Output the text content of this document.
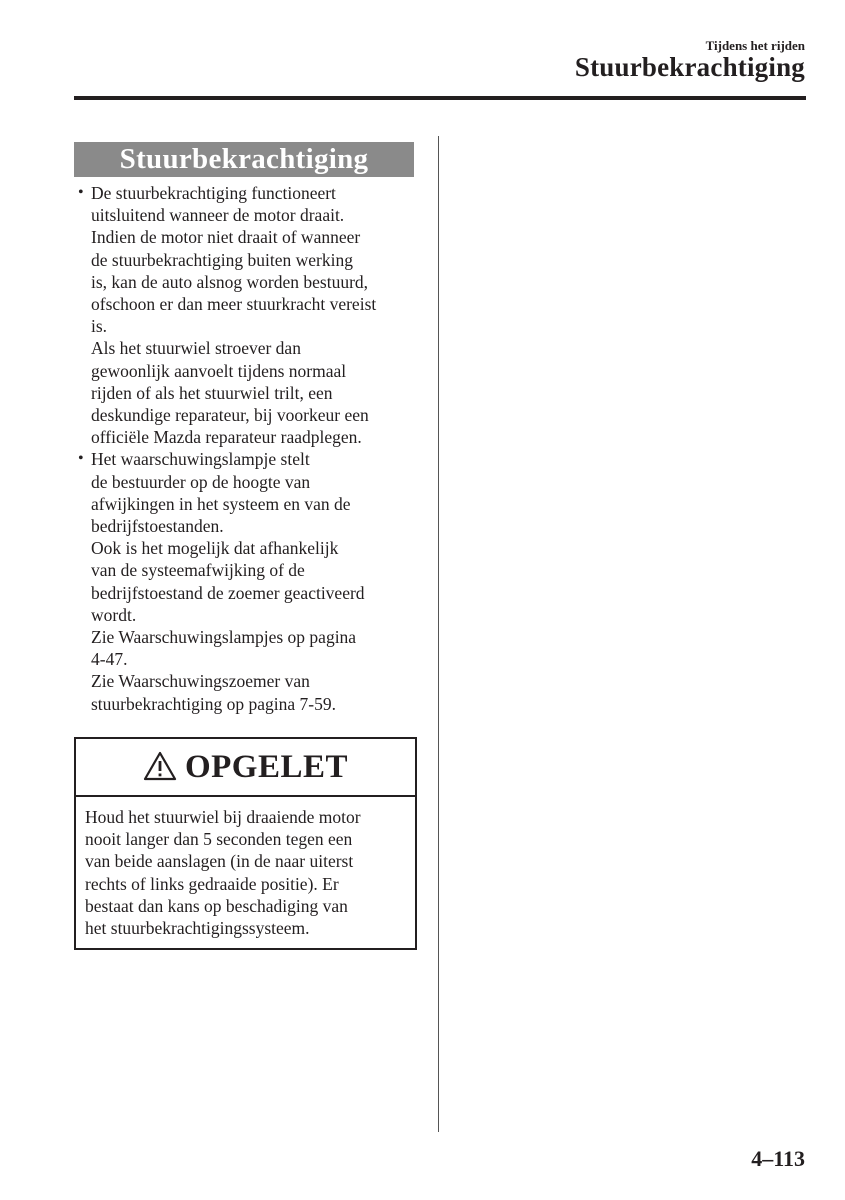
Tijdens het rijden
Stuurbekrachtiging
Stuurbekrachtiging
• De stuurbekrachtiging functioneert
uitsluitend wanneer de motor draait.
Indien de motor niet draait of wanneer
de stuurbekrachtiging buiten werking
is, kan de auto alsnog worden bestuurd,
ofschoon er dan meer stuurkracht vereist
is.

Als het stuurwiel stroever dan
gewoonlijk aanvoelt tijdens normaal
rijden of als het stuurwiel trilt, een
deskundige reparateur, bij voorkeur een
officiële Mazda reparateur raadplegen.

• Het waarschuwingslampje stelt
de bestuurder op de hoogte van
afwijkingen in het systeem en van de
bedrijfstoestanden.

Ook is het mogelijk dat afhankelijk
van de systeemafwijking of de
bedrijfstoestand de zoemer geactiveerd
wordt.

Zie Waarschuwingslampjes op pagina
4-47.

Zie Waarschuwingszoemer van
stuurbekrachtiging op pagina 7-59.

OPGELET

Houd het stuurwiel bij draaiende motor
nooit langer dan 5 seconden tegen een
van beide aanslagen (in de naar uiterst
rechts of links gedraaide positie). Er
bestaat dan kans op beschadiging van
het stuurbekrachtigingssysteem.

4–113
